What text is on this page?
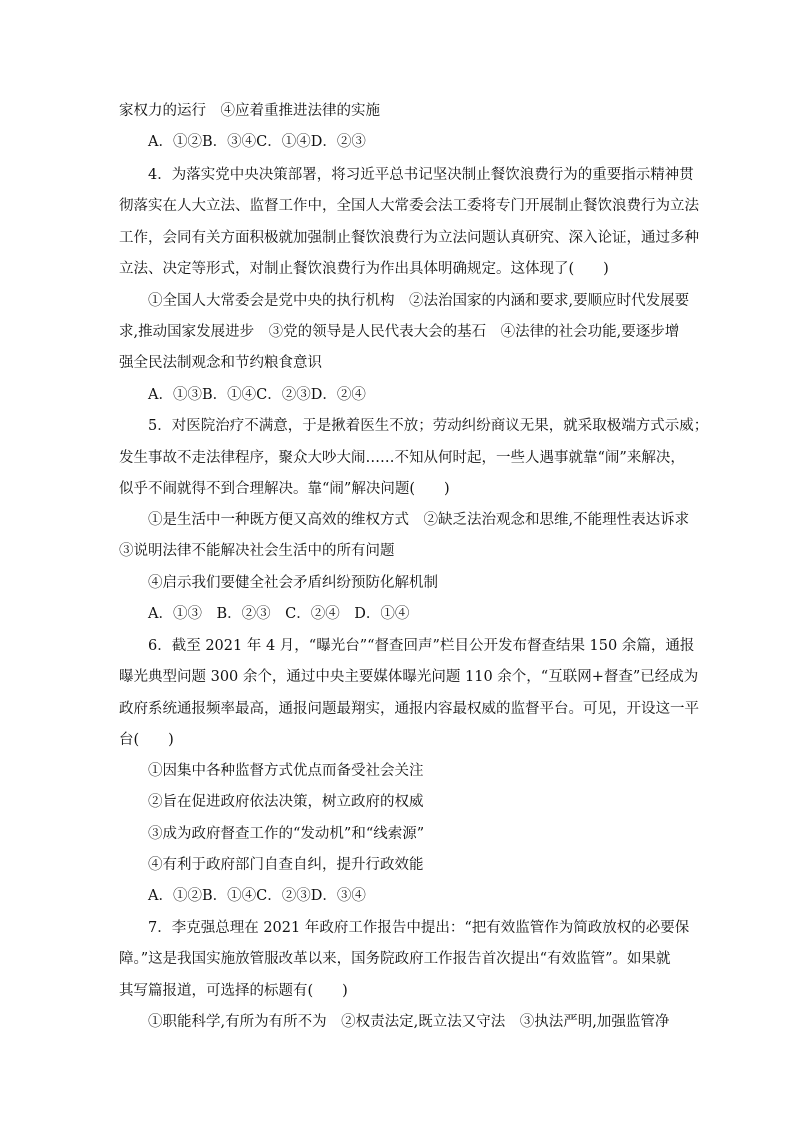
家权力的运行　④应着重推进法律的实施
A．①②B．③④C．①④D．②③
4．为落实党中央决策部署，将习近平总书记坚决制止餐饮浪费行为的重要指示精神贯
彻落实在人大立法、监督工作中，全国人大常委会法工委将专门开展制止餐饮浪费行为立法
工作，会同有关方面积极就加强制止餐饮浪费行为立法问题认真研究、深入论证，通过多种
立法、决定等形式，对制止餐饮浪费行为作出具体明确规定。这体现了(　　)
①全国人大常委会是党中央的执行机构　②法治国家的内涵和要求,要顺应时代发展要
求,推动国家发展进步　③党的领导是人民代表大会的基石　④法律的社会功能,要逐步增
强全民法制观念和节约粮食意识
A．①③B．①④C．②③D．②④
5．对医院治疗不满意，于是揪着医生不放；劳动纠纷商议无果，就采取极端方式示威；
发生事故不走法律程序，聚众大吵大闹……不知从何时起，一些人遇事就靠“闹”来解决，
似乎不闹就得不到合理解决。靠“闹”解决问题(　　)
①是生活中一种既方便又高效的维权方式　②缺乏法治观念和思维,不能理性表达诉求
③说明法律不能解决社会生活中的所有问题
④启示我们要健全社会矛盾纠纷预防化解机制
A．①③　B．②③　C．②④　D．①④
6．截至 2021 年 4 月，“曝光台”“督查回声”栏目公开发布督查结果 150 余篇，通报
曝光典型问题 300 余个，通过中央主要媒体曝光问题 110 余个，“互联网+督查”已经成为
政府系统通报频率最高，通报问题最翔实，通报内容最权威的监督平台。可见，开设这一平
台(　　)
①因集中各种监督方式优点而备受社会关注
②旨在促进政府依法决策，树立政府的权威
③成为政府督查工作的“发动机”和“线索源”
④有利于政府部门自查自纠，提升行政效能
A．①②B．①④C．②③D．③④
7．李克强总理在 2021 年政府工作报告中提出：“把有效监管作为简政放权的必要保
障。”这是我国实施放管服改革以来，国务院政府工作报告首次提出“有效监管”。如果就
其写篇报道，可选择的标题有(　　)
①职能科学,有所为有所不为　②权责法定,既立法又守法　③执法严明,加强监管净
